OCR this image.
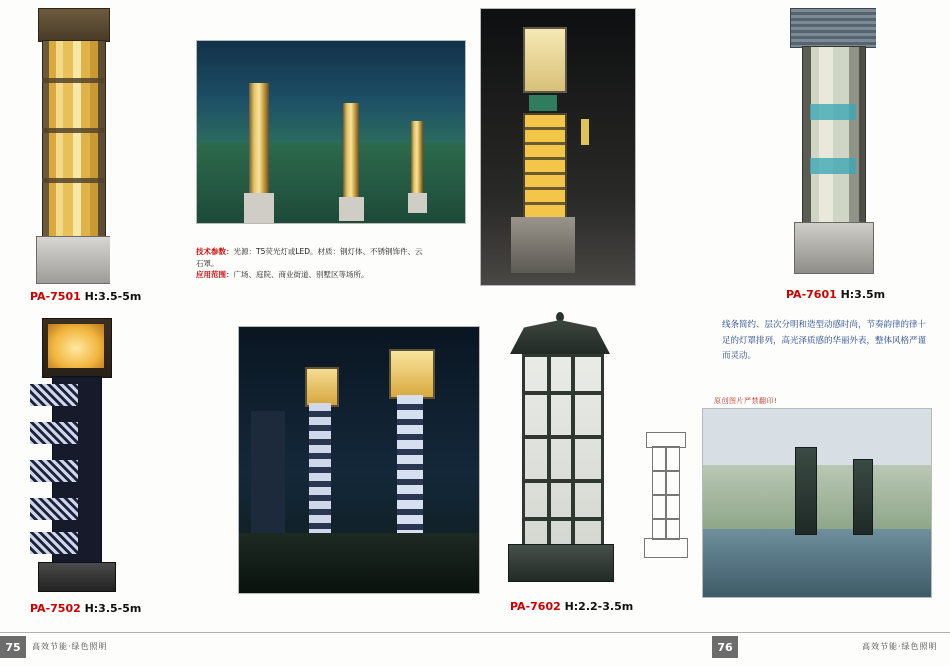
PA-7501 H:3.5-5m
技术参数：光源：T5荧光灯或LED。材质：钢灯体、不锈钢饰件、云石罩。
应用范围：广场、庭院、商业街道、别墅区等场所。
PA-7601 H:3.5m
线条简约、层次分明和造型动感时尚，节奏韵律的律十足的灯罩排列，高光泽质感的华丽外表，整体风格严谨而灵动。
PA-7502 H:3.5-5m	PA-7602 H:2.2-3.5m
原创图片严禁翻印!
75	高效节能·绿色照明	76	高效节能·绿色照明
